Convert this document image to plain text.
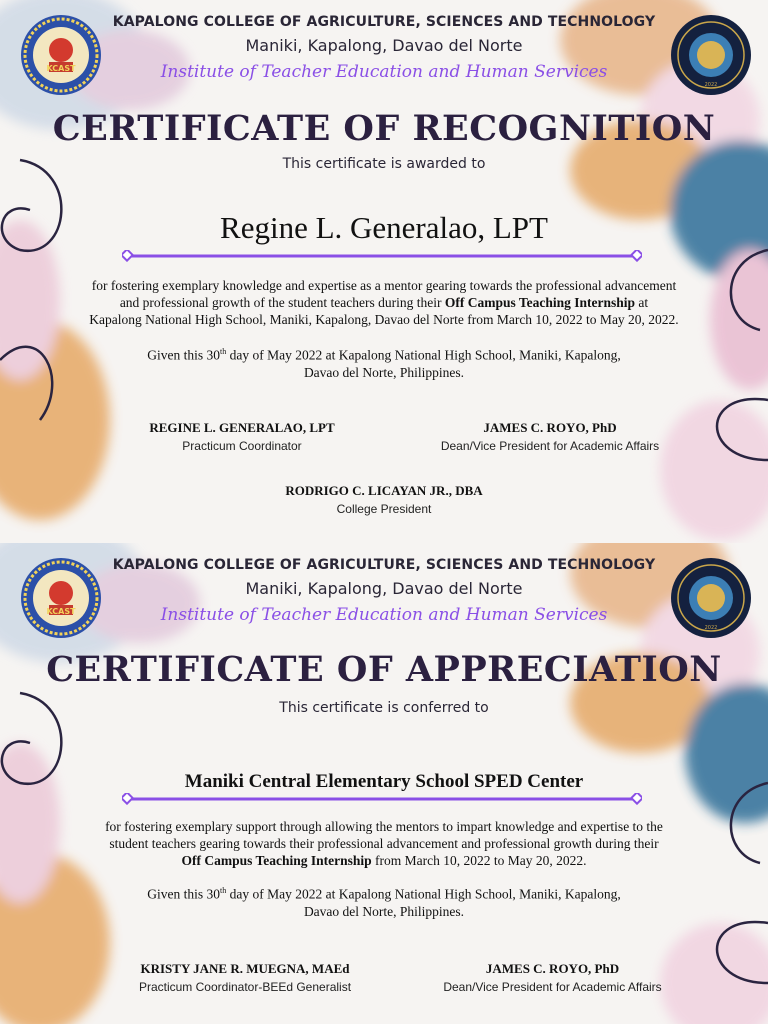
KCAST
2022
KAPALONG COLLEGE OF AGRICULTURE, SCIENCES AND TECHNOLOGY
Maniki, Kapalong, Davao del Norte
Institute of Teacher Education and Human Services
CERTIFICATE OF RECOGNITION
This certificate is awarded to
Regine L. Generalao, LPT
for fostering exemplary knowledge and expertise as a mentor gearing towards the professional advancement
and professional growth of the student teachers during their Off Campus Teaching Internship at
Kapalong National High School, Maniki, Kapalong, Davao del Norte from March 10, 2022 to May 20, 2022.
Given this 30th day of May 2022 at Kapalong National High School, Maniki, Kapalong,
Davao del Norte, Philippines.
REGINE L. GENERALAO, LPT
Practicum Coordinator
JAMES C. ROYO, PhD
Dean/Vice President for Academic Affairs
RODRIGO C. LICAYAN JR., DBA
College President
KCAST
2022
KAPALONG COLLEGE OF AGRICULTURE, SCIENCES AND TECHNOLOGY
Maniki, Kapalong, Davao del Norte
Institute of Teacher Education and Human Services
CERTIFICATE OF APPRECIATION
This certificate is conferred to
Maniki Central Elementary School SPED Center
for fostering exemplary support through allowing the mentors to impart knowledge and expertise to the
student teachers gearing towards their professional advancement and professional growth during their
Off Campus Teaching Internship from March 10, 2022 to May 20, 2022.
Given this 30th day of May 2022 at Kapalong National High School, Maniki, Kapalong,
Davao del Norte, Philippines.
KRISTY JANE R. MUEGNA, MAEd
Practicum Coordinator-BEEd Generalist
JAMES C. ROYO, PhD
Dean/Vice President for Academic Affairs
